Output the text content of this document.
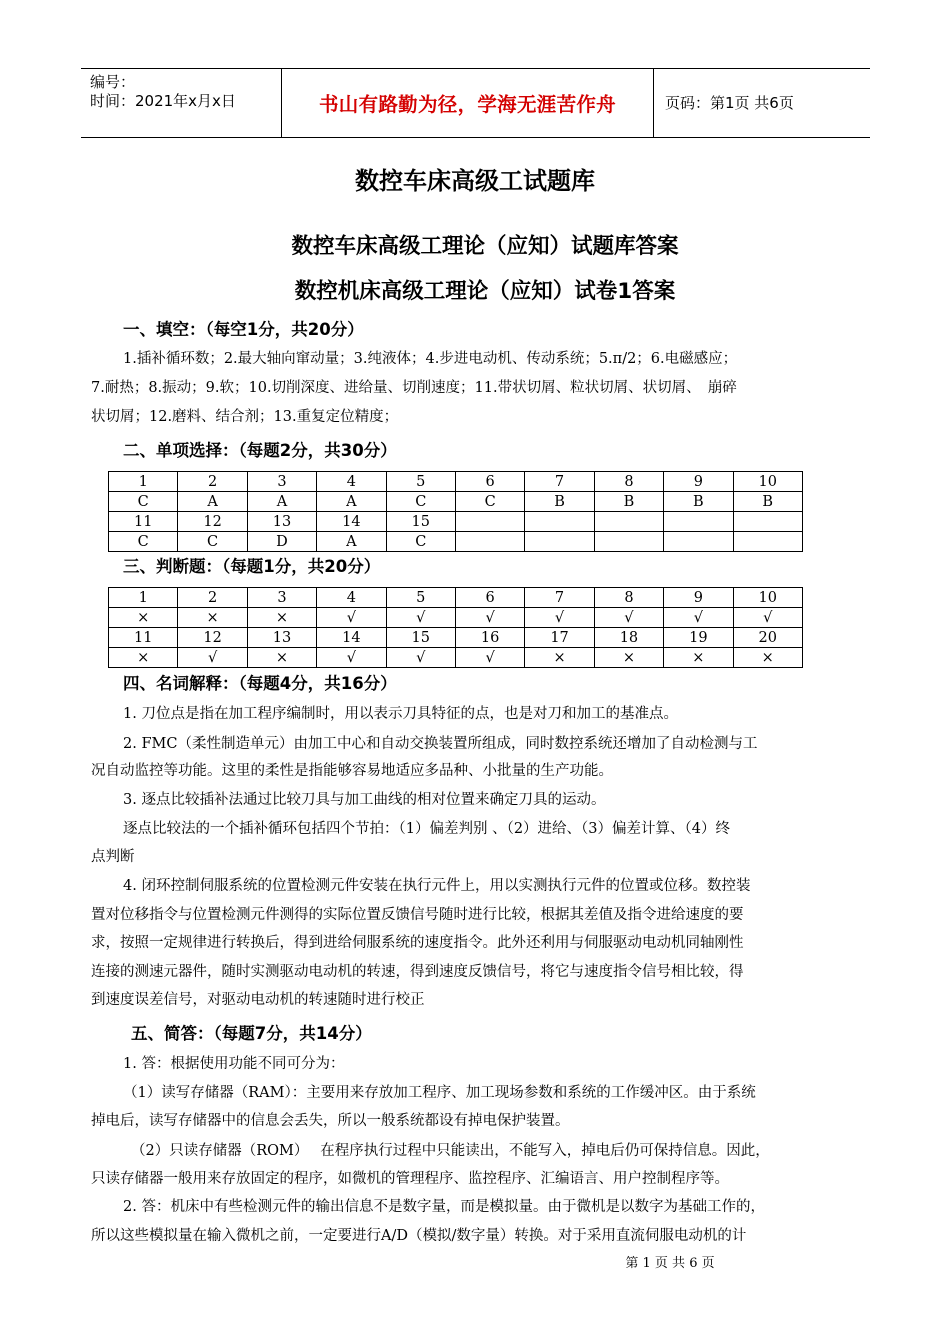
编号：
时间：2021年x月x日	书山有路勤为径，学海无涯苦作舟	页码：第1页 共6页
数控车床高级工试题库
数控车床高级工理论（应知）试题库答案
数控机床高级工理论（应知）试卷1答案
一、填空：（每空1分，共20分）
1.插补循环数；2.最大轴向窜动量；3.纯液体；4.步进电动机、传动系统；5.π/2；6.电磁感应；
7.耐热；8.振动；9.软；10.切削深度、进给量、切削速度；11.带状切屑、粒状切屑、状切屑、　崩碎
状切屑；12.磨料、结合剂；13.重复定位精度；
二、单项选择：（每题2分，共30分）
1	2	3	4	5	6	7	8	9	10
C	A	A	A	C	C	B	B	B	B
11	12	13	14	15					
C	C	D	A	C					
三、判断题：（每题1分，共20分）
1	2	3	4	5	6	7	8	9	10
×	×	×	√	√	√	√	√	√	√
11	12	13	14	15	16	17	18	19	20
×	√	×	√	√	√	×	×	×	×
四、名词解释：（每题4分，共16分）
1. 刀位点是指在加工程序编制时，用以表示刀具特征的点，也是对刀和加工的基准点。
2. FMC（柔性制造单元）由加工中心和自动交换装置所组成，同时数控系统还增加了自动检测与工
况自动监控等功能。这里的柔性是指能够容易地适应多品种、小批量的生产功能。
3. 逐点比较插补法通过比较刀具与加工曲线的相对位置来确定刀具的运动。
逐点比较法的一个插补循环包括四个节拍：（1）偏差判别 、（2）进给、（3）偏差计算、（4）终
点判断
4. 闭环控制伺服系统的位置检测元件安装在执行元件上，用以实测执行元件的位置或位移。数控装
置对位移指令与位置检测元件测得的实际位置反馈信号随时进行比较，根据其差值及指令进给速度的要
求，按照一定规律进行转换后，得到进给伺服系统的速度指令。此外还利用与伺服驱动电动机同轴刚性
连接的测速元器件，随时实测驱动电动机的转速，得到速度反馈信号，将它与速度指令信号相比较，得
到速度误差信号，对驱动电动机的转速随时进行校正
五、简答：（每题7分，共14分）
1. 答：根据使用功能不同可分为：
（1）读写存储器（RAM）：主要用来存放加工程序、加工现场参数和系统的工作缓冲区。由于系统
掉电后，读写存储器中的信息会丢失，所以一般系统都设有掉电保护装置。
（2）只读存储器（ROM）　 在程序执行过程中只能读出，不能写入，掉电后仍可保持信息。因此，
只读存储器一般用来存放固定的程序，如微机的管理程序、监控程序、汇编语言、用户控制程序等。
2. 答：机床中有些检测元件的输出信息不是数字量，而是模拟量。由于微机是以数字为基础工作的，
所以这些模拟量在输入微机之前，一定要进行A/D（模拟/数字量）转换。对于采用直流伺服电动机的计
第 1 页 共 6 页
